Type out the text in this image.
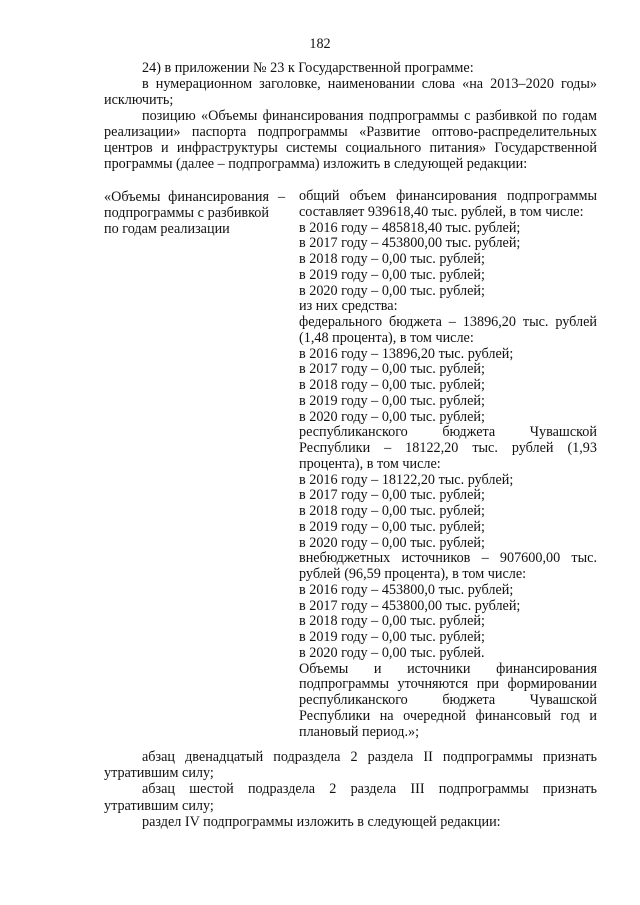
182

24) в приложении № 23 к Государственной программе:

в нумерационном заголовке, наименовании слова «на 2013–2020 годы» исключить;

позицию «Объемы финансирования подпрограммы с разбивкой по годам реализации» паспорта подпрограммы «Развитие оптово-распределительных центров и инфраструктуры системы социального питания» Государственной программы (далее – подпрограмма) изложить в следующей редакции:

«Объемы финансирования подпрограммы с разбивкой по годам реализации
– общий объем финансирования подпрограммы составляет 939618,40 тыс. рублей, в том числе:

в 2016 году – 485818,40 тыс. рублей;

в 2017 году – 453800,00 тыс. рублей;

в 2018 году – 0,00 тыс. рублей;

в 2019 году – 0,00 тыс. рублей;

в 2020 году – 0,00 тыс. рублей;

из них средства:

федерального бюджета – 13896,20 тыс. рублей (1,48 процента), в том числе:

в 2016 году – 13896,20 тыс. рублей;

в 2017 году – 0,00 тыс. рублей;

в 2018 году – 0,00 тыс. рублей;

в 2019 году – 0,00 тыс. рублей;

в 2020 году – 0,00 тыс. рублей;

республиканского бюджета Чувашской Республики – 18122,20 тыс. рублей (1,93 процента), в том числе:

в 2016 году – 18122,20 тыс. рублей;

в 2017 году – 0,00 тыс. рублей;

в 2018 году – 0,00 тыс. рублей;

в 2019 году – 0,00 тыс. рублей;

в 2020 году – 0,00 тыс. рублей;

внебюджетных источников – 907600,00 тыс. рублей (96,59 процента), в том числе:

в 2016 году – 453800,0 тыс. рублей;

в 2017 году – 453800,00 тыс. рублей;

в 2018 году – 0,00 тыс. рублей;

в 2019 году – 0,00 тыс. рублей;

в 2020 году – 0,00 тыс. рублей.

Объемы и источники финансирования подпрограммы уточняются при формировании республиканского бюджета Чувашской Республики на очередной финансовый год и плановый период.»;

абзац двенадцатый подраздела 2 раздела II подпрограммы признать утратившим силу;

абзац шестой подраздела 2 раздела III подпрограммы признать утратившим силу;

раздел IV подпрограммы изложить в следующей редакции:
